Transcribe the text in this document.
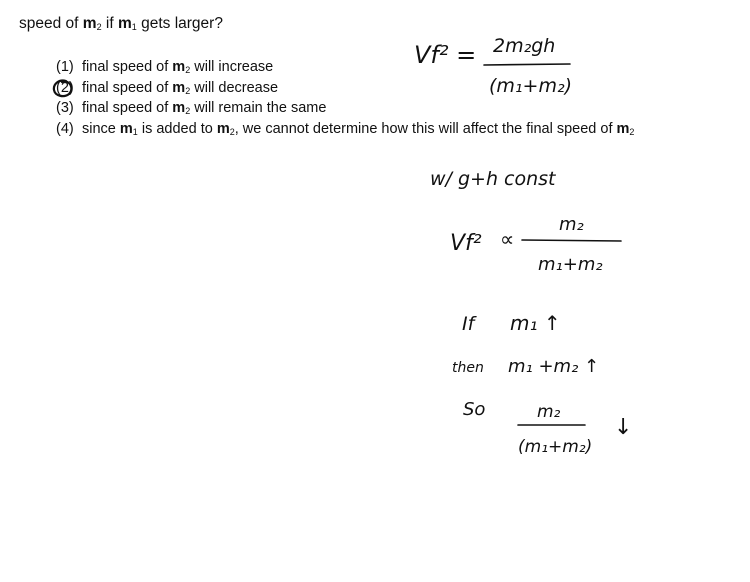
speed of $m_2$ if $m_1$ gets larger?
(1) final speed of $m_2$ will increase
(2) final speed of $m_2$ will decrease
(3) final speed of $m_2$ will remain the same
(4) since $m_1$ is added to $m_2$, we cannot determine how this will affect the final speed of $m_2$
Vf² = 2m₂gh
(m₁+m₂)
w/ g+h const
Vf² ∝
m₂
m₁+m₂
If m₁ ↑
then m₁ +m₂ ↑
So	m₂
(m₁+m₂)
↓
